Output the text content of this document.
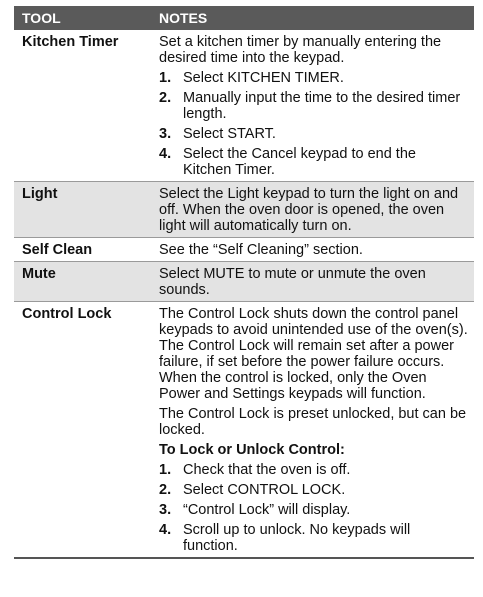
TOOL	NOTES
Kitchen Timer	Set a kitchen timer by manually entering the desired time into the keypad.

1. Select KITCHEN TIMER.
2. Manually input the time to the desired timer length.
3. Select START.
4. Select the Cancel keypad to end the Kitchen Timer.
Light	Select the Light keypad to turn the light on and off. When the oven door is opened, the oven light will automatically turn on.

Self Clean	See the “Self Cleaning” section.

Mute	Select MUTE to mute or unmute the oven sounds.

Control Lock	The Control Lock shuts down the control panel keypads to avoid unintended use of the oven(s). The Control Lock will remain set after a power failure, if set before the power failure occurs. When the control is locked, only the Oven Power and Settings keypads will function.

The Control Lock is preset unlocked, but can be locked.

To Lock or Unlock Control:
1. Check that the oven is off.
2. Select CONTROL LOCK.
3. “Control Lock” will display.
4. Scroll up to unlock. No keypads will function.
